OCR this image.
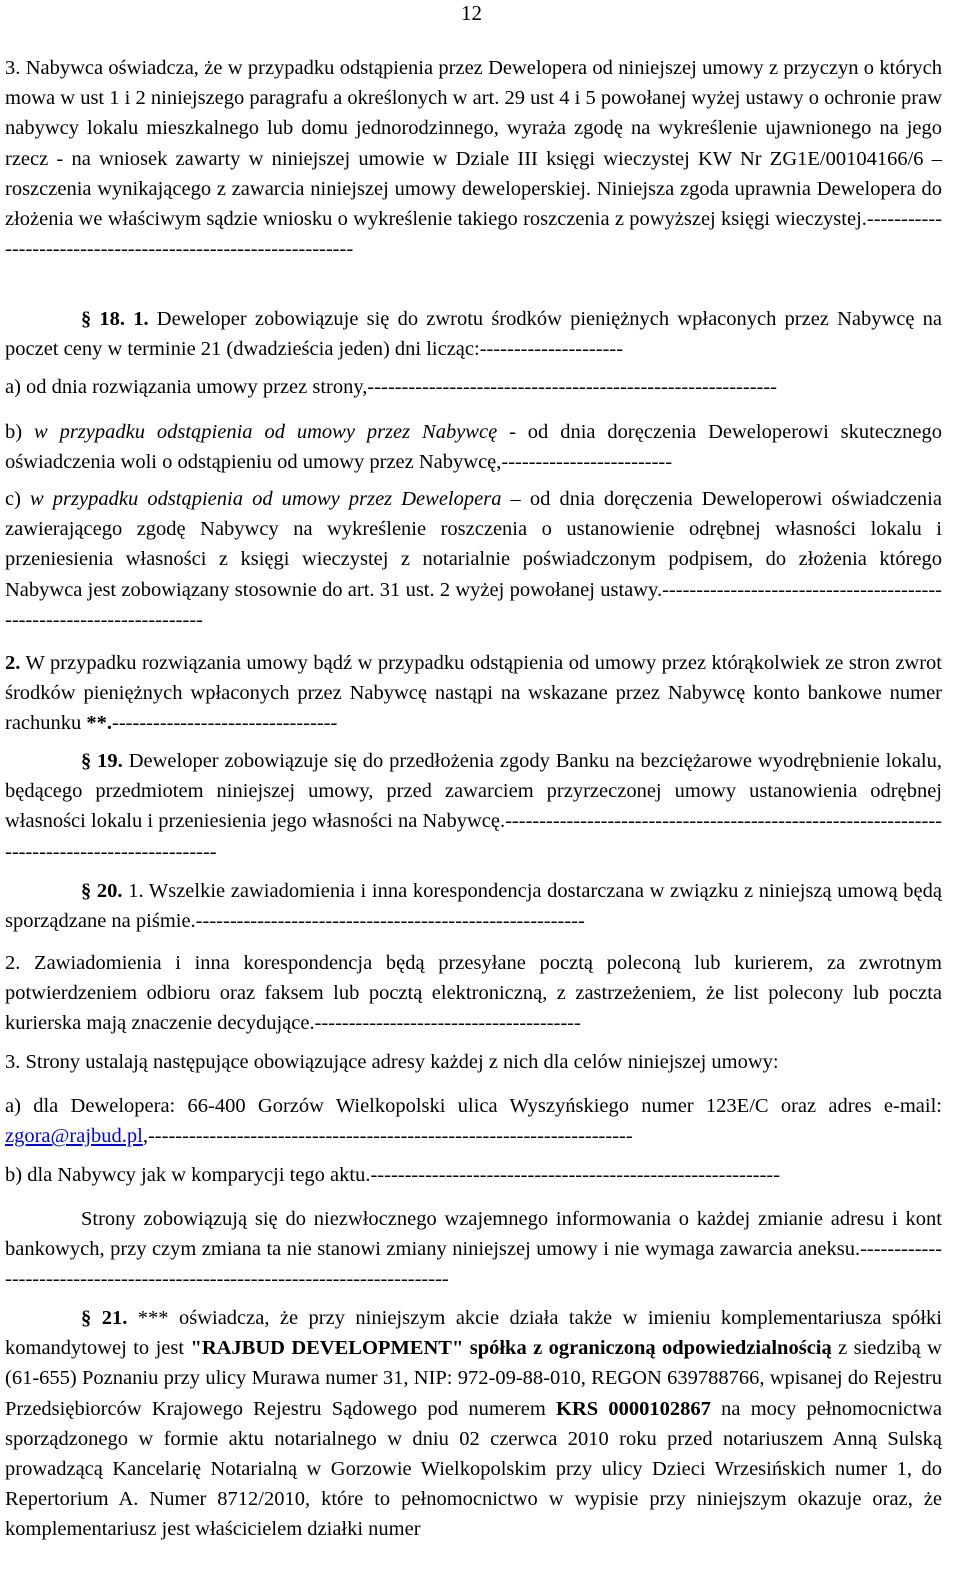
12

3. Nabywca oświadcza, że w przypadku odstąpienia przez Dewelopera od niniejszej umowy z przyczyn o których mowa w ust 1 i 2 niniejszego paragrafu a określonych w art. 29 ust 4 i 5 powołanej wyżej ustawy o ochronie praw nabywcy lokalu mieszkalnego lub domu jednorodzinnego, wyraża zgodę na wykreślenie ujawnionego na jego rzecz - na wniosek zawarty w niniejszej umowie w Dziale III księgi wieczystej KW Nr ZG1E/00104166/6 – roszczenia wynikającego z zawarcia niniejszej umowy deweloperskiej. Niniejsza zgoda uprawnia Dewelopera do złożenia we właściwym sądzie wniosku o wykreślenie takiego roszczenia z powyższej księgi wieczystej.--------------------------------------------------------------

§ 18. 1. Deweloper zobowiązuje się do zwrotu środków pieniężnych wpłaconych przez Nabywcę na poczet ceny w terminie 21 (dwadzieścia jeden) dni licząc:---------------------

a) od dnia rozwiązania umowy przez strony,------------------------------------------------------------

b) w przypadku odstąpienia od umowy przez Nabywcę - od dnia doręczenia Deweloperowi skutecznego oświadczenia woli o odstąpieniu od umowy przez Nabywcę,-------------------------

c) w przypadku odstąpienia od umowy przez Dewelopera – od dnia doręczenia Deweloperowi oświadczenia zawierającego zgodę Nabywcy na wykreślenie roszczenia o ustanowienie odrębnej własności lokalu i przeniesienia własności z księgi wieczystej z notarialnie poświadczonym podpisem, do złożenia którego Nabywca jest zobowiązany stosownie do art. 31 ust. 2 wyżej powołanej ustawy.----------------------------------------------------------------------

2. W przypadku rozwiązania umowy bądź w przypadku odstąpienia od umowy przez którąkolwiek ze stron zwrot środków pieniężnych wpłaconych przez Nabywcę nastąpi na wskazane przez Nabywcę konto bankowe numer rachunku **.---------------------------------

§ 19. Deweloper zobowiązuje się do przedłożenia zgody Banku na bezciężarowe wyodrębnienie lokalu, będącego przedmiotem niniejszej umowy, przed zawarciem przyrzeczonej umowy ustanowienia odrębnej własności lokalu i przeniesienia jego własności na Nabywcę.-----------------------------------------------------------------------------------------------

§ 20. 1. Wszelkie zawiadomienia i inna korespondencja dostarczana w związku z niniejszą umową będą sporządzane na piśmie.---------------------------------------------------------

2. Zawiadomienia i inna korespondencja będą przesyłane pocztą poleconą lub kurierem, za zwrotnym potwierdzeniem odbioru oraz faksem lub pocztą elektroniczną, z zastrzeżeniem, że list polecony lub poczta kurierska mają znaczenie decydujące.---------------------------------------

3. Strony ustalają następujące obowiązujące adresy każdej z nich dla celów niniejszej umowy:

a) dla Dewelopera: 66-400 Gorzów Wielkopolski ulica Wyszyńskiego numer 123E/C oraz adres e-mail: zgora@rajbud.pl,-----------------------------------------------------------------------

b) dla Nabywcy jak w komparycji tego aktu.------------------------------------------------------------

Strony zobowiązują się do niezwłocznego wzajemnego informowania o każdej zmianie adresu i kont bankowych, przy czym zmiana ta nie stanowi zmiany niniejszej umowy i nie wymaga zawarcia aneksu.-----------------------------------------------------------------------------

§ 21. *** oświadcza, że przy niniejszym akcie działa także w imieniu komplementariusza spółki komandytowej to jest "RAJBUD DEVELOPMENT" spółka z ograniczoną odpowiedzialnością z siedzibą w (61-655) Poznaniu przy ulicy Murawa numer 31, NIP: 972-09-88-010, REGON 639788766, wpisanej do Rejestru Przedsiębiorców Krajowego Rejestru Sądowego pod numerem KRS 0000102867 na mocy pełnomocnictwa sporządzonego w formie aktu notarialnego w dniu 02 czerwca 2010 roku przed notariuszem Anną Sulską prowadzącą Kancelarię Notarialną w Gorzowie Wielkopolskim przy ulicy Dzieci Wrzesińskich numer 1, do Repertorium A. Numer 8712/2010, które to pełnomocnictwo w wypisie przy niniejszym okazuje oraz, że komplementariusz jest właścicielem działki numer
